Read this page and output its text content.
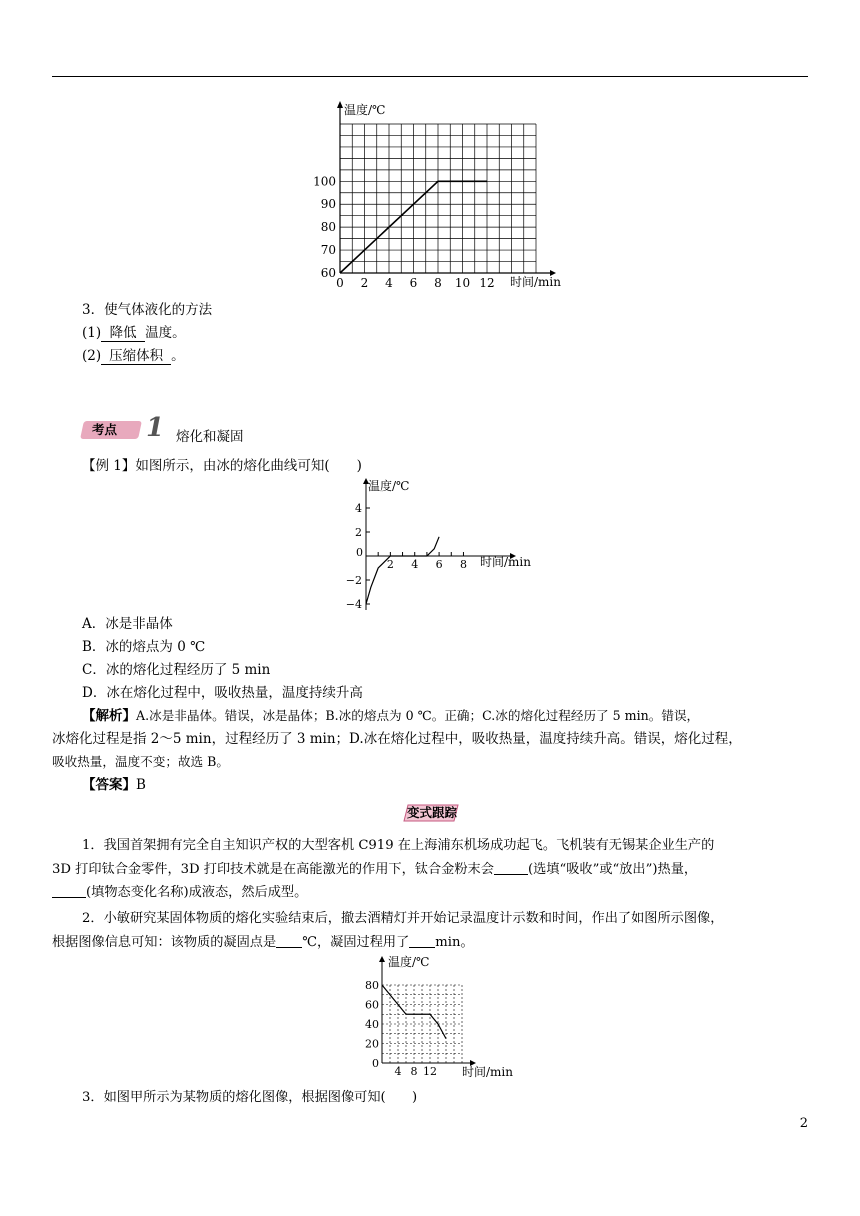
0 2 4 6 8 10 12
60
70
80
90
100
温度/℃
时间/min
3．使气体液化的方法
(1) 降低 温度。
(2) 压缩体积 。
考点 1 熔化和凝固
【例 1】如图所示，由冰的熔化曲线可知(　　)
2 4 6 8
4
2
−2
−4
温度/℃
时间/min
0
A．冰是非晶体
B．冰的熔点为 0 ℃
C．冰的熔化过程经历了 5 min
D．冰在熔化过程中，吸收热量，温度持续升高
【解析】A.冰是非晶体。错误，冰是晶体；B.冰的熔点为 0 ℃。正确；C.冰的熔化过程经历了 5 min。错误，
冰熔化过程是指 2～5 min，过程经历了 3 min；D.冰在熔化过程中，吸收热量，温度持续升高。错误，熔化过程，
吸收热量，温度不变；故选 B。
【答案】B
变式跟踪
1．我国首架拥有完全自主知识产权的大型客机 C919 在上海浦东机场成功起飞。飞机装有无锡某企业生产的
3D 打印钛合金零件，3D 打印技术就是在高能激光的作用下，钛合金粉末会	(选填“吸收”或“放出”)热量，
(填物态变化名称)成液态，然后成型。
2．小敏研究某固体物质的熔化实验结束后，撤去酒精灯并开始记录温度计示数和时间，作出了如图所示图像，
根据图像信息可知：该物质的凝固点是 ℃，凝固过程用了 min。
4 8 12
80
60
40
20
0
温度/℃
时间/min
3．如图甲所示为某物质的熔化图像，根据图像可知(　　)
2
